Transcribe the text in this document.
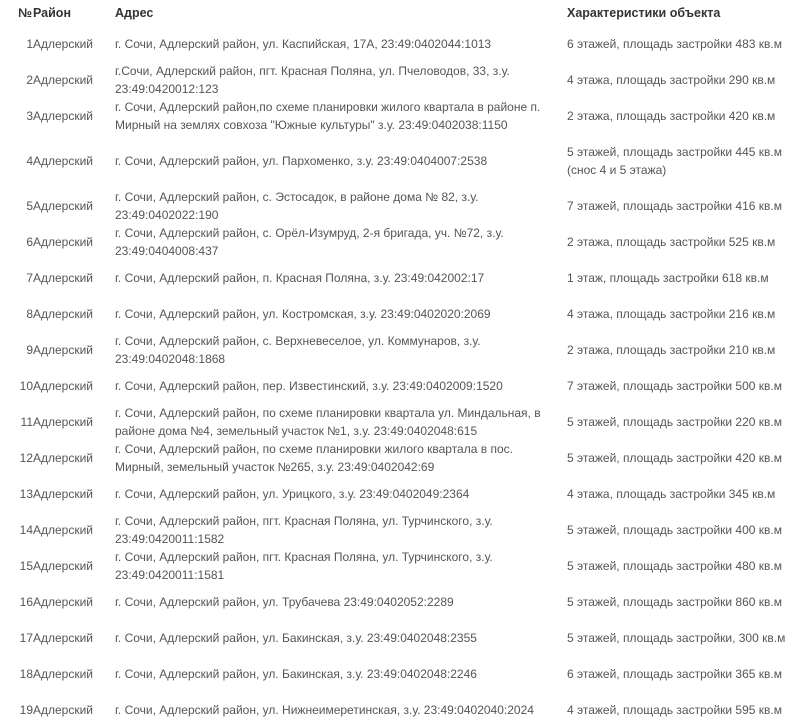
№	Район	Адрес	Характеристики объекта
1	Адлерский	г. Сочи, Адлерский район, ул. Каспийская, 17А, 23:49:0402044:1013	6 этажей, площадь застройки 483 кв.м
2	Адлерский	г.Сочи, Адлерский район, пгт. Красная Поляна, ул. Пчеловодов, 33, з.у. 23:49:0420012:123	4 этажа, площадь застройки 290 кв.м
3	Адлерский	г. Сочи, Адлерский район,по схеме планировки жилого квартала в районе п. Мирный на землях совхоза "Южные культуры" з.у. 23:49:0402038:1150	2 этажа, площадь застройки 420 кв.м
4	Адлерский	г. Сочи, Адлерский район, ул. Пархоменко, з.у. 23:49:0404007:2538	5 этажей, площадь застройки 445 кв.м (снос 4 и 5 этажа)
5	Адлерский	г. Сочи, Адлерский район, с. Эстосадок, в районе дома № 82, з.у. 23:49:0402022:190	7 этажей, площадь застройки 416 кв.м
6	Адлерский	г. Сочи, Адлерский район, с. Орёл-Изумруд, 2-я бригада, уч. №72, з.у. 23:49:0404008:437	2 этажа, площадь застройки 525 кв.м
7	Адлерский	г. Сочи, Адлерский район, п. Красная Поляна, з.у. 23:49:042002:17	1 этаж, площадь застройки 618 кв.м
8	Адлерский	г. Сочи, Адлерский район, ул. Костромская, з.у. 23:49:0402020:2069	4 этажа, площадь застройки 216 кв.м
9	Адлерский	г. Сочи, Адлерский район, с. Верхневеселое, ул. Коммунаров, з.у. 23:49:0402048:1868	2 этажа, площадь застройки 210 кв.м
10	Адлерский	г. Сочи, Адлерский район, пер. Известинский, з.у. 23:49:0402009:1520	7 этажей, площадь застройки 500 кв.м
11	Адлерский	г. Сочи, Адлерский район, по схеме планировки квартала ул. Миндальная, в районе дома №4, земельный участок №1, з.у. 23:49:0402048:615	5 этажей, площадь застройки 220 кв.м
12	Адлерский	г. Сочи, Адлерский район, по схеме планировки жилого квартала в пос. Мирный, земельный участок №265, з.у. 23:49:0402042:69	5 этажей, площадь застройки 420 кв.м
13	Адлерский	г. Сочи, Адлерский район, ул. Урицкого, з.у. 23:49:0402049:2364	4 этажа, площадь застройки 345 кв.м
14	Адлерский	г. Сочи, Адлерский район, пгт. Красная Поляна, ул. Турчинского, з.у. 23:49:0420011:1582	5 этажей, площадь застройки 400 кв.м
15	Адлерский	г. Сочи, Адлерский район, пгт. Красная Поляна, ул. Турчинского, з.у. 23:49:0420011:1581	5 этажей, площадь застройки 480 кв.м
16	Адлерский	г. Сочи, Адлерский район, ул. Трубачева 23:49:0402052:2289	5 этажей, площадь застройки 860 кв.м
17	Адлерский	г. Сочи, Адлерский район, ул. Бакинская, з.у. 23:49:0402048:2355	5 этажей, площадь застройки, 300 кв.м
18	Адлерский	г. Сочи, Адлерский район, ул. Бакинская, з.у. 23:49:0402048:2246	6 этажей, площадь застройки 365 кв.м
19	Адлерский	г. Сочи, Адлерский район, ул. Нижнеимеретинская, з.у. 23:49:0402040:2024	4 этажей, площадь застройки 595 кв.м
